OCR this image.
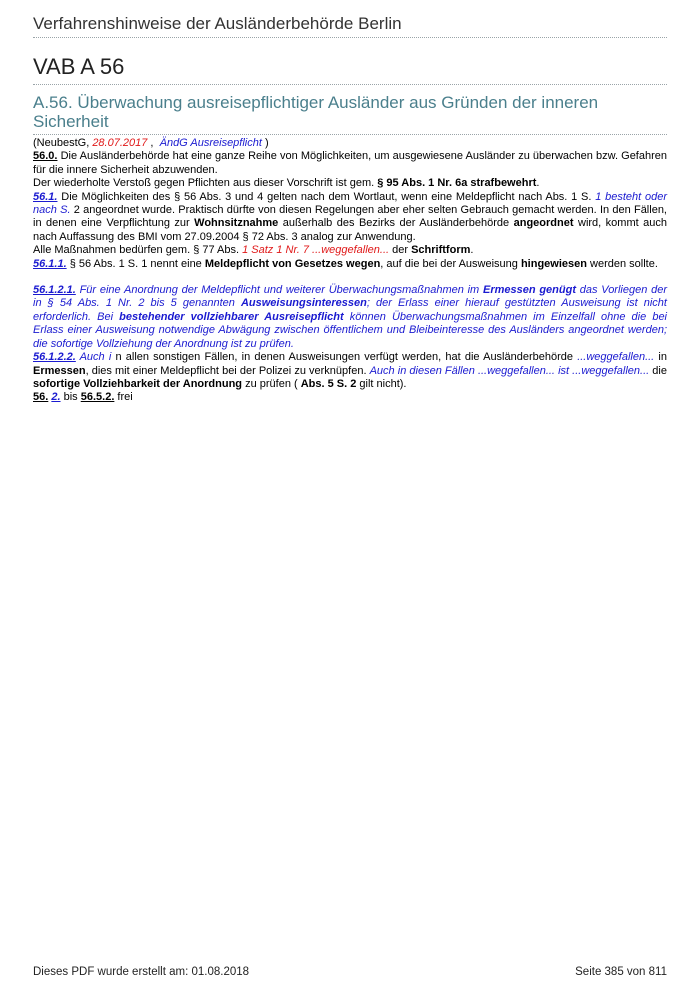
Verfahrenshinweise der Ausländerbehörde Berlin
VAB A 56
A.56. Überwachung ausreisepflichtiger Ausländer aus Gründen der inneren Sicherheit

(NeubestG, 28.07.2017 ,  ÄndG Ausreisepflicht )

56.0. Die Ausländerbehörde hat eine ganze Reihe von Möglichkeiten, um ausgewiesene Ausländer zu überwachen bzw. Gefahren für die innere Sicherheit abzuwenden.

Der wiederholte Verstoß gegen Pflichten aus dieser Vorschrift ist gem. § 95 Abs. 1 Nr. 6a strafbewehrt.

56.1. Die Möglichkeiten des § 56 Abs. 3 und 4 gelten nach dem Wortlaut, wenn eine Meldepflicht nach Abs. 1 S. 1 besteht oder nach S. 2 angeordnet wurde. Praktisch dürfte von diesen Regelungen aber eher selten Gebrauch gemacht werden. In den Fällen, in denen eine Verpflichtung zur Wohnsitznahme außerhalb des Bezirks der Ausländerbehörde angeordnet wird, kommt auch nach Auffassung des BMI vom 27.09.2004 § 72 Abs. 3 analog zur Anwendung.

Alle Maßnahmen bedürfen gem. § 77 Abs. 1 Satz 1 Nr. 7 ...weggefallen... der Schriftform.

56.1.1. § 56 Abs. 1 S. 1 nennt eine Meldepflicht von Gesetzes wegen, auf die bei der Ausweisung hingewiesen werden sollte.

56.1.2.1. Für eine Anordnung der Meldepflicht und weiterer Überwachungsmaßnahmen im Ermessen genügt das Vorliegen der in § 54 Abs. 1 Nr. 2 bis 5 genannten Ausweisungsinteressen; der Erlass einer hierauf gestützten Ausweisung ist nicht erforderlich. Bei bestehender vollziehbarer Ausreisepflicht können Überwachungsmaßnahmen im Einzelfall ohne die bei Erlass einer Ausweisung notwendige Abwägung zwischen öffentlichem und Bleibeinteresse des Ausländers angeordnet werden; die sofortige Vollziehung der Anordnung ist zu prüfen.

56.1.2.2. Auch i n allen sonstigen Fällen, in denen Ausweisungen verfügt werden, hat die Ausländerbehörde ...weggefallen... in Ermessen, dies mit einer Meldepflicht bei der Polizei zu verknüpfen. Auch in diesen Fällen ...weggefallen... ist ...weggefallen... die sofortige Vollziehbarkeit der Anordnung zu prüfen ( Abs. 5 S. 2 gilt nicht).

56. 2. bis 56.5.2. frei

Dieses PDF wurde erstellt am: 01.08.2018	Seite 385 von 811
